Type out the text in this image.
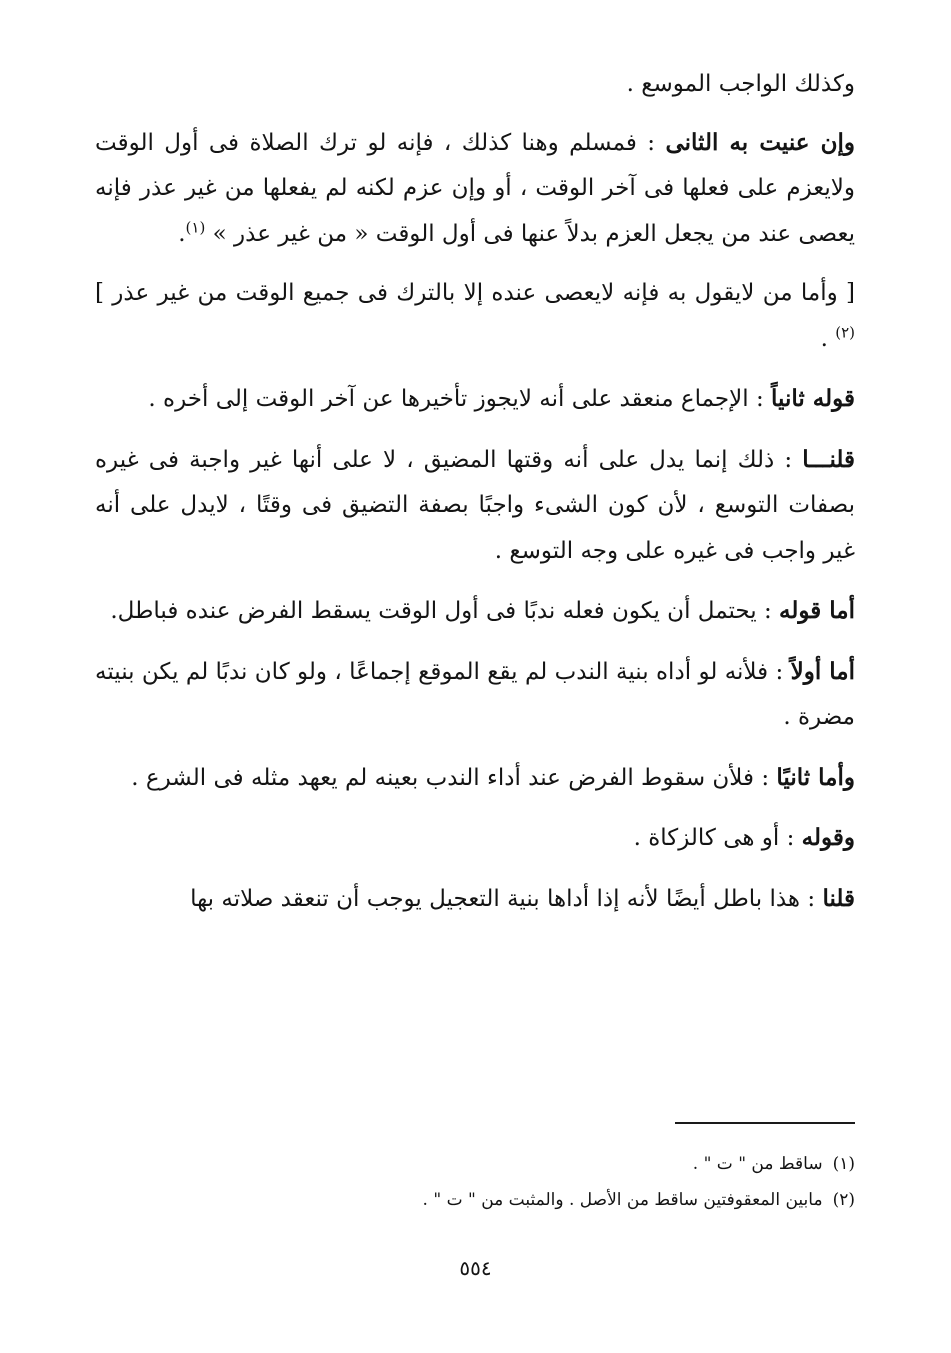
وكذلك الواجب الموسع .

وإن عنيت به الثانى : فمسلم وهنا كذلك ، فإنه لو ترك الصلاة فى أول الوقت ولايعزم على فعلها فى آخر الوقت ، أو وإن عزم لكنه لم يفعلها من غير عذر فإنه يعصى عند من يجعل العزم بدلاً عنها فى أول الوقت « من غير عذر » $^{(١)}$.

[ وأما من لايقول به فإنه لايعصى عنده إلا بالترك فى جميع الوقت من غير عذر ] $^{(٢)}$ .

قوله ثانياً : الإجماع منعقد على أنه لايجوز تأخيرها عن آخر الوقت إلى أخره .

قلنـــا : ذلك إنما يدل على أنه وقتها المضيق ، لا على أنها غير واجبة فى غيره بصفات التوسع ، لأن كون الشىء واجبًا بصفة التضيق فى وقتًا ، لايدل على أنه غير واجب فى غيره على وجه التوسع .

أما قوله : يحتمل أن يكون فعله ندبًا فى أول الوقت يسقط الفرض عنده فباطل.

أما أولاً : فلأنه لو أداه بنية الندب لم يقع الموقع إجماعًا ، ولو كان ندبًا لم يكن بنيته مضرة .

وأما ثانيًا : فلأن سقوط الفرض عند أداء الندب بعينه لم يعهد مثله فى الشرع .

وقوله : أو هى كالزكاة .

قلنا : هذا باطل أيضًا لأنه إذا أداها بنية التعجيل يوجب أن تنعقد صلاته بها

(١)ساقط من " ت " .
(٢)مابين المعقوفتين ساقط من الأصل . والمثبت من " ت " .
٥٥٤
